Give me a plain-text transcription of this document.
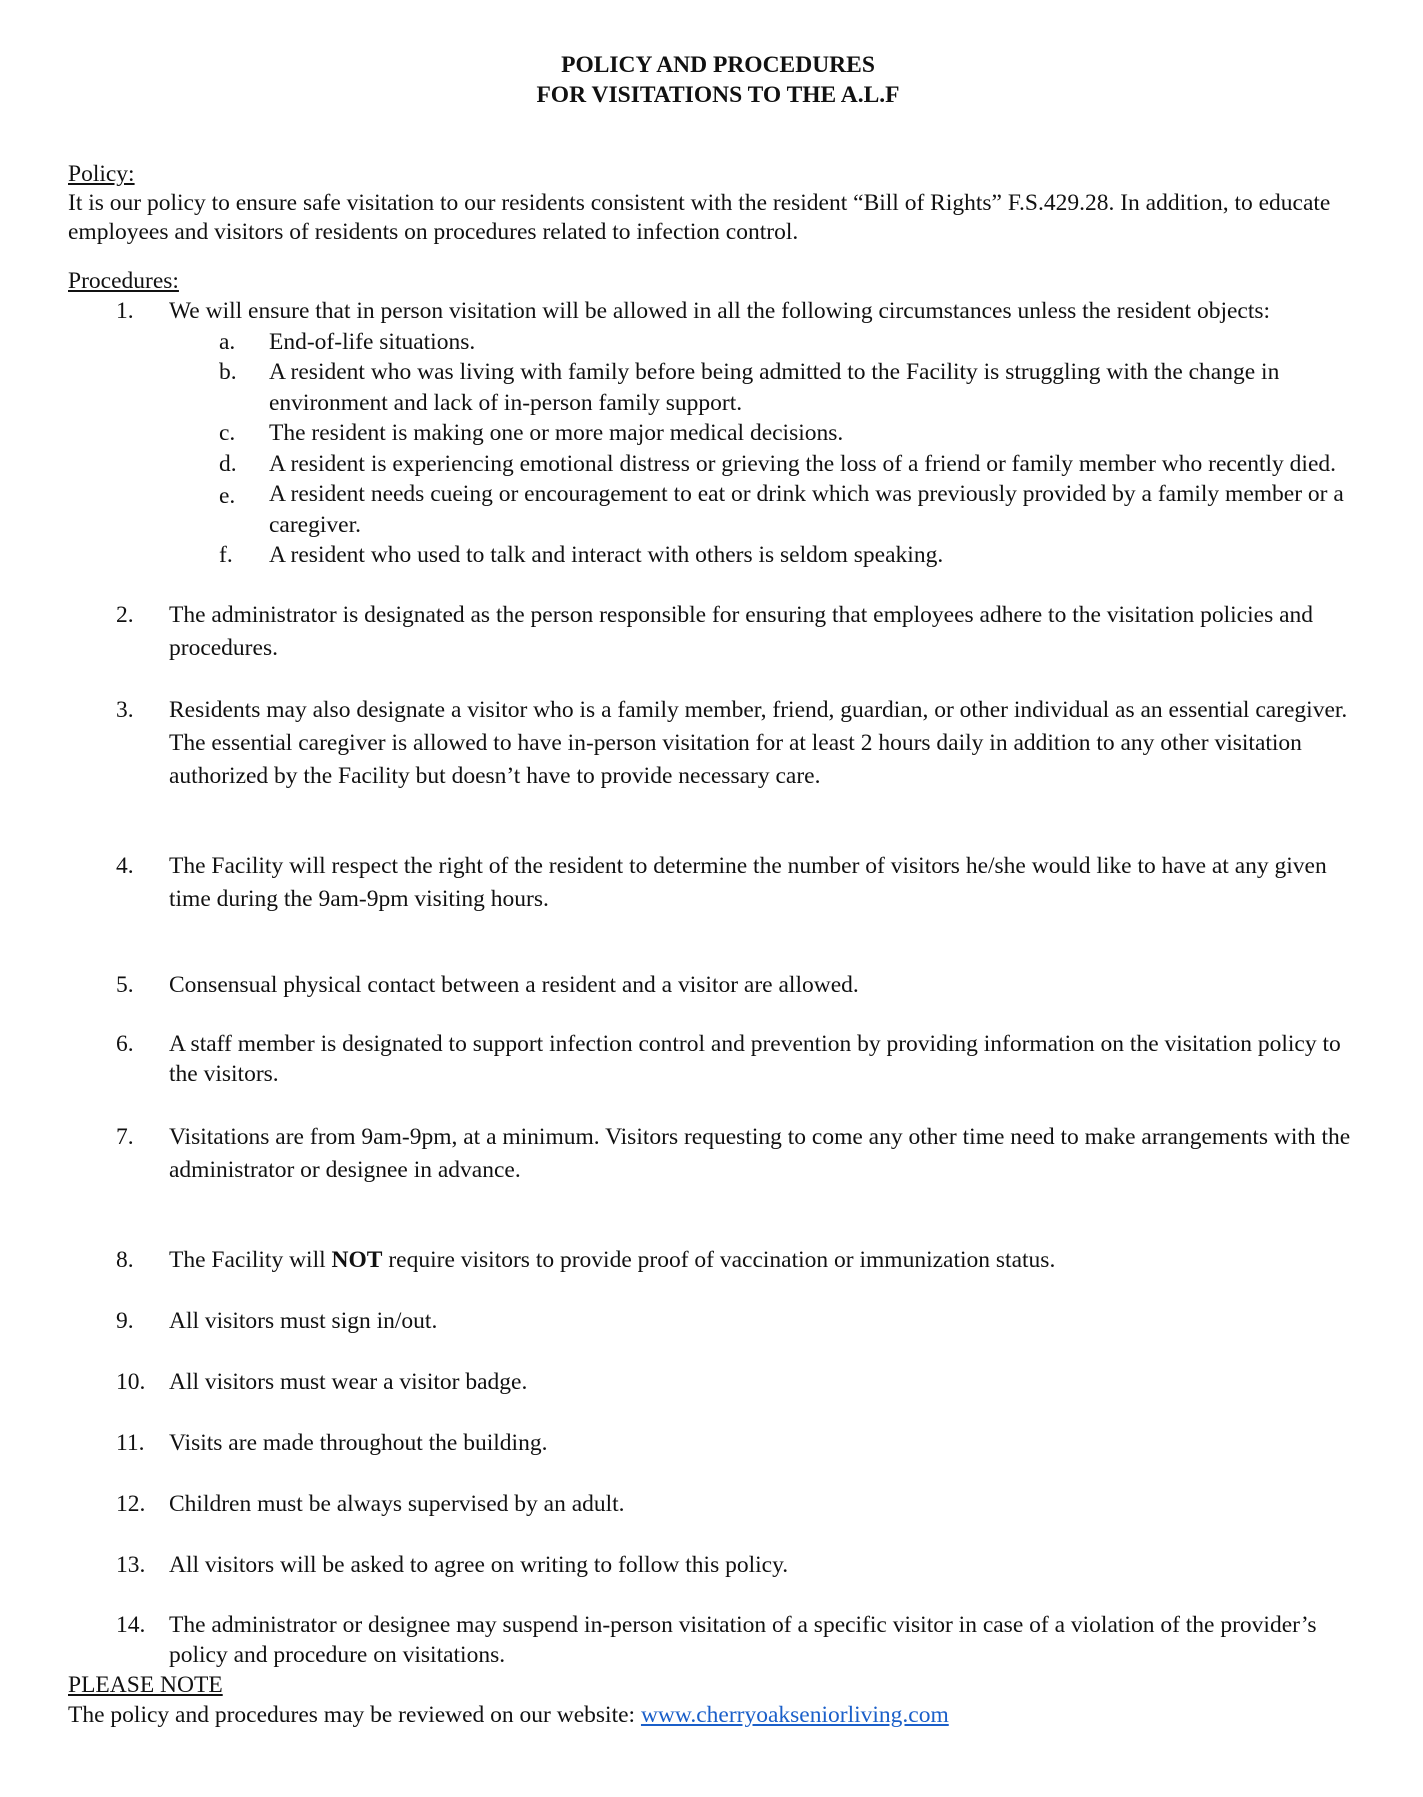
POLICY AND PROCEDURES
FOR VISITATIONS TO THE A.L.F
Policy:
It is our policy to ensure safe visitation to our residents consistent with the resident “Bill of Rights” F.S.429.28. In addition, to educate employees and visitors of residents on procedures related to infection control.
Procedures:
1.	We will ensure that in person visitation will be allowed in all the following circumstances unless the resident objects:
a. End-of-life situations.
b. A resident who was living with family before being admitted to the Facility is struggling with the change in environment and lack of in-person family support.
c. The resident is making one or more major medical decisions.
d. A resident is experiencing emotional distress or grieving the loss of a friend or family member who recently died.
e. A resident needs cueing or encouragement to eat or drink which was previously provided by a family member or a caregiver.
f. A resident who used to talk and interact with others is seldom speaking.
2.	The administrator is designated as the person responsible for ensuring that employees adhere to the visitation policies and procedures.
3.	Residents may also designate a visitor who is a family member, friend, guardian, or other individual as an essential caregiver. The essential caregiver is allowed to have in-person visitation for at least 2 hours daily in addition to any other visitation authorized by the Facility but doesn’t have to provide necessary care.
4.	The Facility will respect the right of the resident to determine the number of visitors he/she would like to have at any given time during the 9am-9pm visiting hours.
5.	Consensual physical contact between a resident and a visitor are allowed.
6.	A staff member is designated to support infection control and prevention by providing information on the visitation policy to the visitors.
7.	Visitations are from 9am-9pm, at a minimum. Visitors requesting to come any other time need to make arrangements with the administrator or designee in advance.
8.	The Facility will NOT require visitors to provide proof of vaccination or immunization status.
9.	All visitors must sign in/out.
10.	All visitors must wear a visitor badge.
11.	Visits are made throughout the building.
12.	Children must be always supervised by an adult.
13.	All visitors will be asked to agree on writing to follow this policy.
14.	The administrator or designee may suspend in-person visitation of a specific visitor in case of a violation of the provider’s policy and procedure on visitations.
PLEASE NOTE
The policy and procedures may be reviewed on our website: www.cherryoakseniorliving.com
